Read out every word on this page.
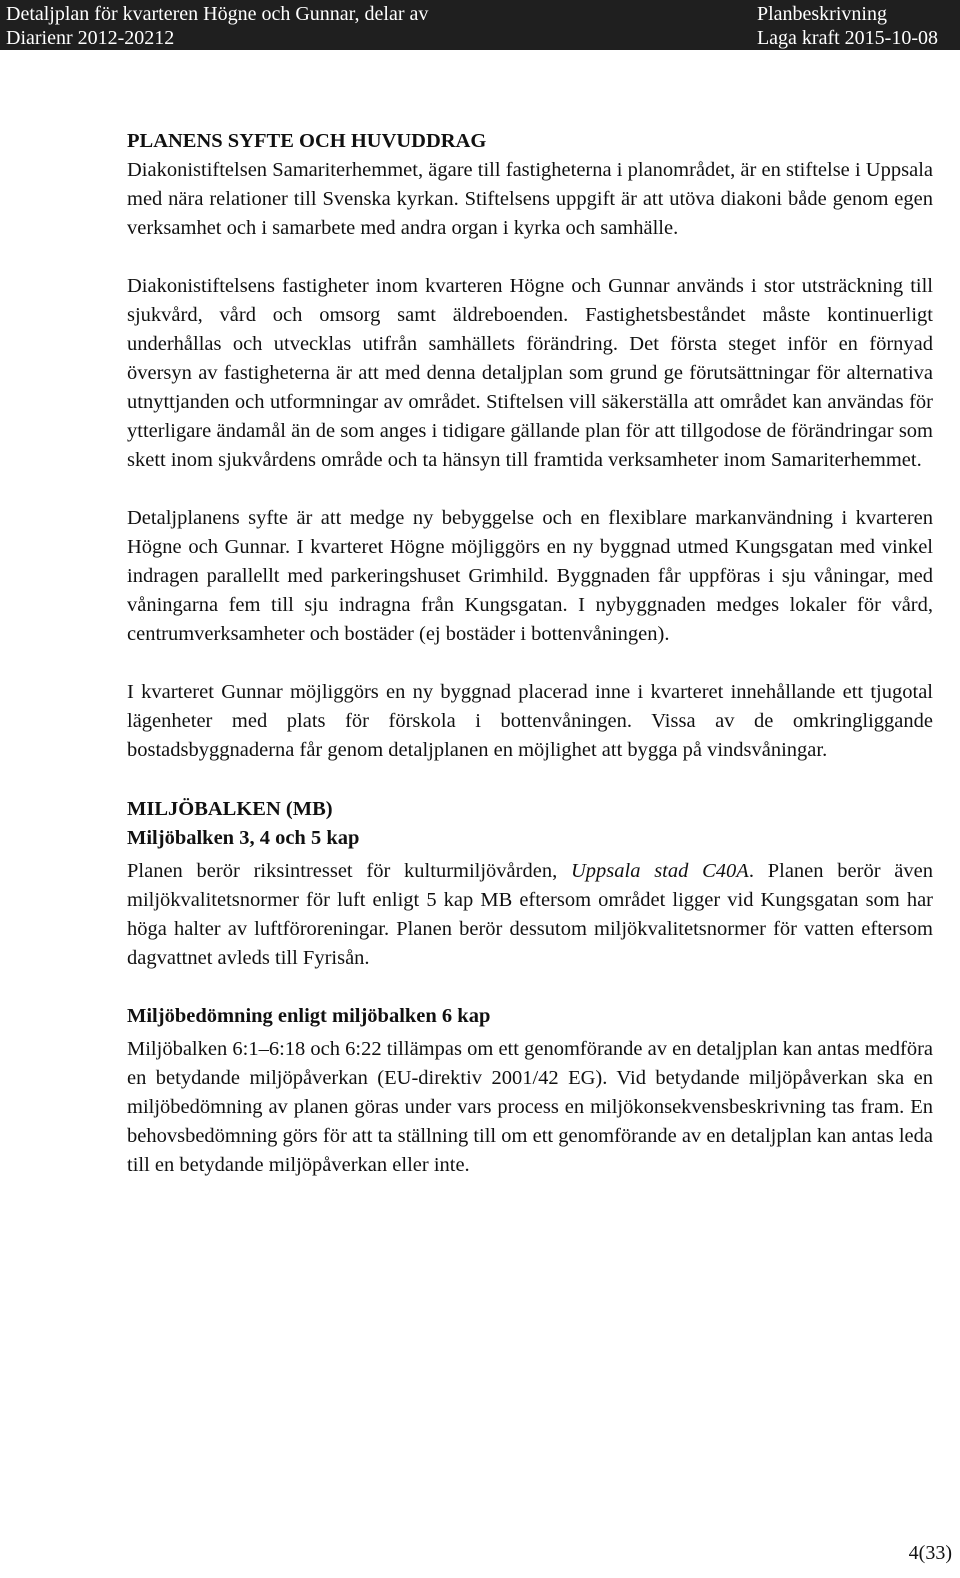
Detaljplan för kvarteren Högne och Gunnar, delar av
Diarienr 2012-20212
Planbeskrivning
Laga kraft 2015-10-08

PLANENS SYFTE OCH HUVUDDRAG

Diakonistiftelsen Samariterhemmet, ägare till fastigheterna i planområdet, är en stiftelse i Uppsala med nära relationer till Svenska kyrkan. Stiftelsens uppgift är att utöva diakoni både genom egen verksamhet och i samarbete med andra organ i kyrka och samhälle.

Diakonistiftelsens fastigheter inom kvarteren Högne och Gunnar används i stor utsträckning till sjukvård, vård och omsorg samt äldreboenden. Fastighetsbeståndet måste kontinuerligt underhållas och utvecklas utifrån samhällets förändring. Det första steget inför en förnyad översyn av fastigheterna är att med denna detaljplan som grund ge förutsättningar för alternativa utnyttjanden och utformningar av området. Stiftelsen vill säkerställa att området kan användas för ytterligare ändamål än de som anges i tidigare gällande plan för att tillgodose de förändringar som skett inom sjukvårdens område och ta hänsyn till framtida verksamheter inom Samariterhemmet.

Detaljplanens syfte är att medge ny bebyggelse och en flexiblare markanvändning i kvarteren Högne och Gunnar. I kvarteret Högne möjliggörs en ny byggnad utmed Kungsgatan med vinkel indragen parallellt med parkeringshuset Grimhild. Byggnaden får uppföras i sju våningar, med våningarna fem till sju indragna från Kungsgatan. I nybyggnaden medges lokaler för vård, centrumverksamheter och bostäder (ej bostäder i bottenvåningen).

I kvarteret Gunnar möjliggörs en ny byggnad placerad inne i kvarteret innehållande ett tjugotal lägenheter med plats för förskola i bottenvåningen. Vissa av de omkringliggande bostadsbyggnaderna får genom detaljplanen en möjlighet att bygga på vindsvåningar.

MILJÖBALKEN (MB)

Miljöbalken 3, 4 och 5 kap

Planen berör riksintresset för kulturmiljövården, Uppsala stad C40A. Planen berör även miljökvalitetsnormer för luft enligt 5 kap MB eftersom området ligger vid Kungsgatan som har höga halter av luftföroreningar. Planen berör dessutom miljökvalitetsnormer för vatten eftersom dagvattnet avleds till Fyrisån.

Miljöbedömning enligt miljöbalken 6 kap

Miljöbalken 6:1–6:18 och 6:22 tillämpas om ett genomförande av en detaljplan kan antas medföra en betydande miljöpåverkan (EU-direktiv 2001/42 EG). Vid betydande miljöpåverkan ska en miljöbedömning av planen göras under vars process en miljökonsekvensbeskrivning tas fram. En behovsbedömning görs för att ta ställning till om ett genomförande av en detaljplan kan antas leda till en betydande miljöpåverkan eller inte.

4(33)
